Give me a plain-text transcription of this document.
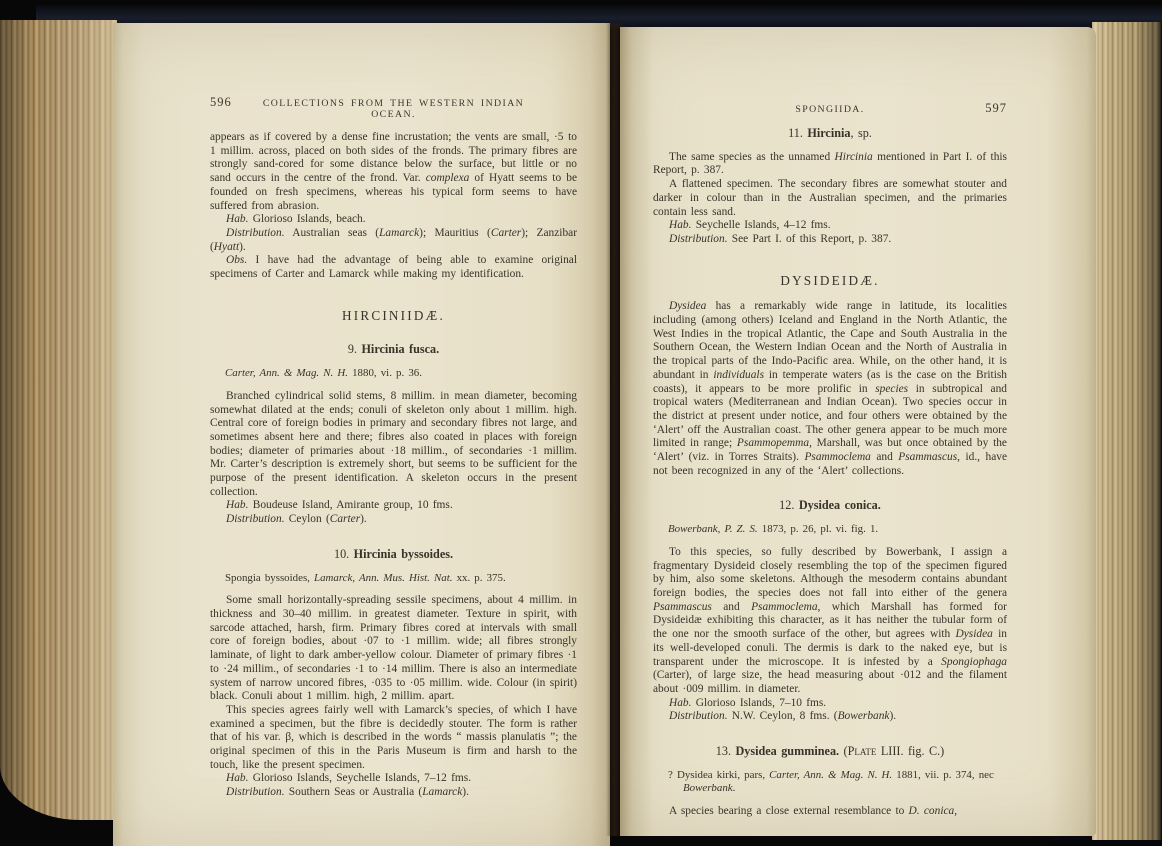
596	COLLECTIONS FROM THE WESTERN INDIAN OCEAN.

appears as if covered by a dense fine incrustation; the vents are small, ·5 to 1 millim. across, placed on both sides of the fronds. The primary fibres are strongly sand-cored for some distance below the surface, but little or no sand occurs in the centre of the frond. Var. complexa of Hyatt seems to be founded on fresh specimens, whereas his typical form seems to have suffered from abrasion.

Hab. Glorioso Islands, beach.

Distribution. Australian seas (Lamarck); Mauritius (Carter); Zanzibar (Hyatt).

Obs. I have had the advantage of being able to examine original specimens of Carter and Lamarck while making my identification.

HIRCINIIDÆ.
9. Hircinia fusca.

Carter, Ann. & Mag. N. H. 1880, vi. p. 36.

Branched cylindrical solid stems, 8 millim. in mean diameter, becoming somewhat dilated at the ends; conuli of skeleton only about 1 millim. high. Central core of foreign bodies in primary and secondary fibres not large, and sometimes absent here and there; fibres also coated in places with foreign bodies; diameter of primaries about ·18 millim., of secondaries ·1 millim. Mr. Carter’s description is extremely short, but seems to be sufficient for the purpose of the present identification. A skeleton occurs in the present collection.

Hab. Boudeuse Island, Amirante group, 10 fms.

Distribution. Ceylon (Carter).

10. Hircinia byssoides.

Spongia byssoides, Lamarck, Ann. Mus. Hist. Nat. xx. p. 375.

Some small horizontally-spreading sessile specimens, about 4 millim. in thickness and 30–40 millim. in greatest diameter. Texture in spirit, with sarcode attached, harsh, firm. Primary fibres cored at intervals with small core of foreign bodies, about ·07 to ·1 millim. wide; all fibres strongly laminate, of light to dark amber-yellow colour. Diameter of primary fibres ·1 to ·24 millim., of secondaries ·1 to ·14 millim. There is also an intermediate system of narrow uncored fibres, ·035 to ·05 millim. wide. Colour (in spirit) black. Conuli about 1 millim. high, 2 millim. apart.

This species agrees fairly well with Lamarck’s species, of which I have examined a specimen, but the fibre is decidedly stouter. The form is rather that of his var. β, which is described in the words “ massis planulatis ”; the original specimen of this in the Paris Museum is firm and harsh to the touch, like the present specimen.

Hab. Glorioso Islands, Seychelle Islands, 7–12 fms.

Distribution. Southern Seas or Australia (Lamarck).

SPONGIIDA.	597
11. Hircinia, sp.

The same species as the unnamed Hircinia mentioned in Part I. of this Report, p. 387.

A flattened specimen. The secondary fibres are somewhat stouter and darker in colour than in the Australian specimen, and the primaries contain less sand.

Hab. Seychelle Islands, 4–12 fms.

Distribution. See Part I. of this Report, p. 387.

DYSIDEIDÆ.

Dysidea has a remarkably wide range in latitude, its localities including (among others) Iceland and England in the North Atlantic, the West Indies in the tropical Atlantic, the Cape and South Australia in the Southern Ocean, the Western Indian Ocean and the North of Australia in the tropical parts of the Indo-Pacific area. While, on the other hand, it is abundant in individuals in temperate waters (as is the case on the British coasts), it appears to be more prolific in species in subtropical and tropical waters (Mediterranean and Indian Ocean). Two species occur in the district at present under notice, and four others were obtained by the ‘Alert’ off the Australian coast. The other genera appear to be much more limited in range; Psammopemma, Marshall, was but once obtained by the ‘Alert’ (viz. in Torres Straits). Psammoclema and Psammascus, id., have not been recognized in any of the ‘Alert’ collections.

12. Dysidea conica.

Bowerbank, P. Z. S. 1873, p. 26, pl. vi. fig. 1.

To this species, so fully described by Bowerbank, I assign a fragmentary Dysideid closely resembling the top of the specimen figured by him, also some skeletons. Although the mesoderm contains abundant foreign bodies, the species does not fall into either of the genera Psammascus and Psammoclema, which Marshall has formed for Dysideidæ exhibiting this character, as it has neither the tubular form of the one nor the smooth surface of the other, but agrees with Dysidea in its well-developed conuli. The dermis is dark to the naked eye, but is transparent under the microscope. It is infested by a Spongiophaga (Carter), of large size, the head measuring about ·012 and the filament about ·009 millim. in diameter.

Hab. Glorioso Islands, 7–10 fms.

Distribution. N.W. Ceylon, 8 fms. (Bowerbank).

13. Dysidea gumminea. (Plate LIII. fig. C.)

? Dysidea kirki, pars, Carter, Ann. & Mag. N. H. 1881, vii. p. 374, nec Bowerbank.

A species bearing a close external resemblance to D. conica,
